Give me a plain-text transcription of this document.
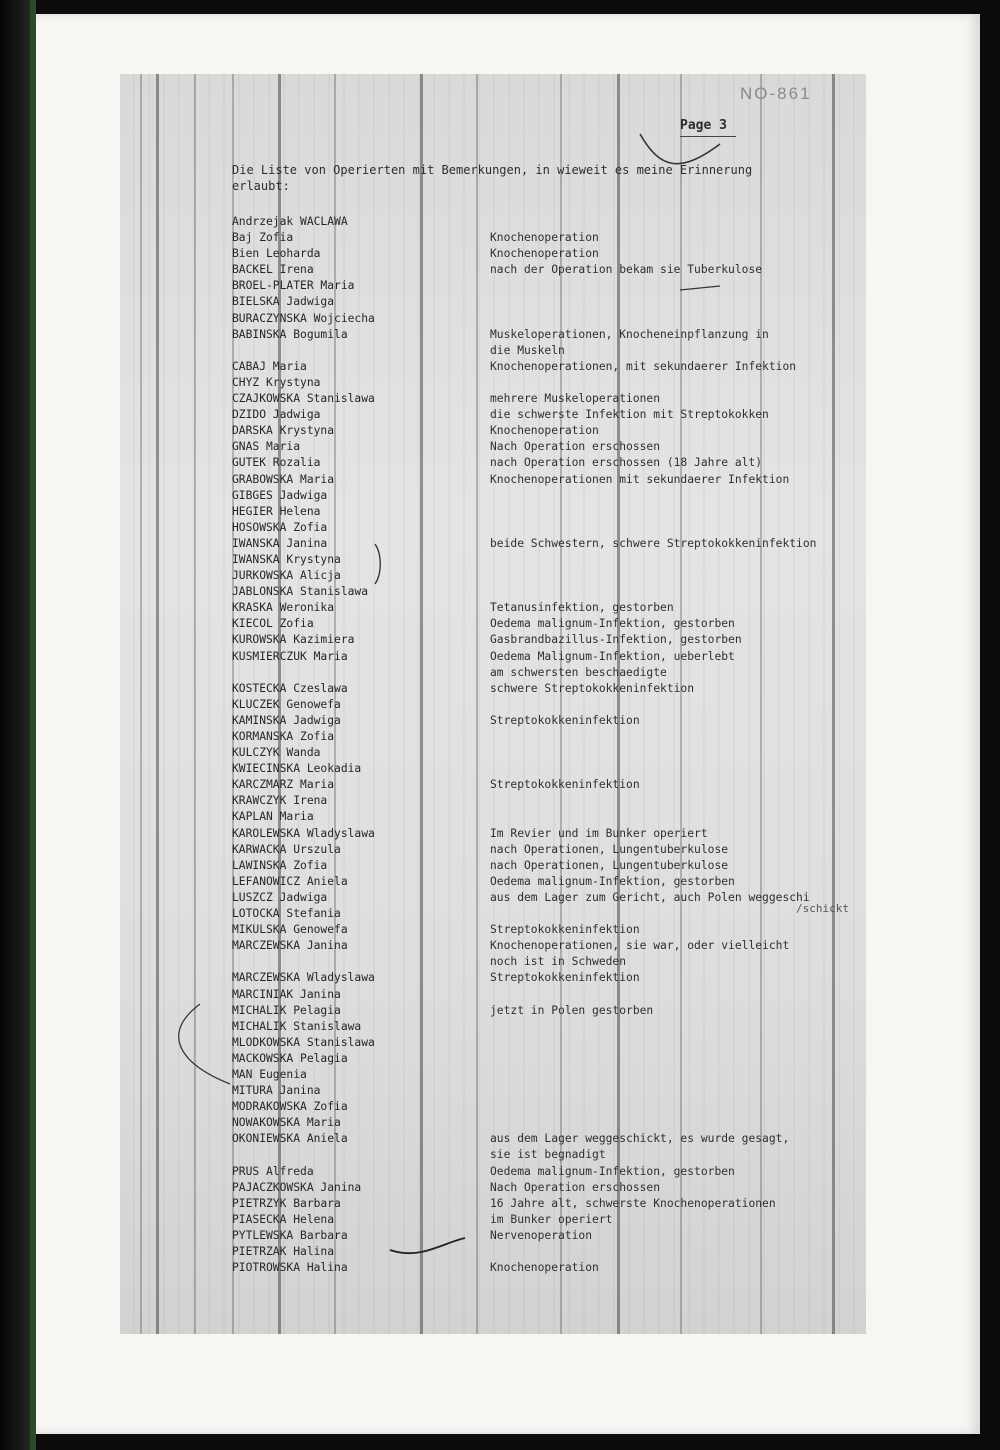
NO-861
Page 3
Die Liste von Operierten mit Bemerkungen, in wieweit es meine Erinnerung
erlaubt:
Andrzejak WACLAWA
Baj Zofia	Knochenoperation
Bien Leoharda	Knochenoperation
BACKEL Irena	nach der Operation bekam sie Tuberkulose
BROEL-PLATER Maria
BIELSKA Jadwiga
BURACZYNSKA Wojciecha
BABINSKA Bogumila	Muskeloperationen, Knocheneinpflanzung in
die Muskeln
CABAJ Maria	Knochenoperationen, mit sekundaerer Infektion
CHYZ Krystyna
CZAJKOWSKA Stanislawa	mehrere Muskeloperationen
DZIDO Jadwiga	die schwerste Infektion mit Streptokokken
DARSKA Krystyna	Knochenoperation
GNAS Maria	Nach Operation erschossen
GUTEK Rozalia	nach Operation erschossen (18 Jahre alt)
GRABOWSKA Maria	Knochenoperationen mit sekundaerer Infektion
GIBGES Jadwiga
HEGIER Helena
HOSOWSKA Zofia
IWANSKA Janina	beide Schwestern, schwere Streptokokkeninfektion
IWANSKA Krystyna
JURKOWSKA Alicja
JABLONSKA Stanislawa
KRASKA Weronika	Tetanusinfektion, gestorben
KIECOL Zofia	Oedema malignum-Infektion, gestorben
KUROWSKA Kazimiera	Gasbrandbazillus-Infektion, gestorben
KUSMIERCZUK Maria	Oedema Malignum-Infektion, ueberlebt
am schwersten beschaedigte
KOSTECKA Czeslawa	schwere Streptokokkeninfektion
KLUCZEK Genowefa
KAMINSKA Jadwiga	Streptokokkeninfektion
KORMANSKA Zofia
KULCZYK Wanda
KWIECINSKA Leokadia
KARCZMARZ Maria	Streptokokkeninfektion
KRAWCZYK Irena
KAPLAN Maria
KAROLEWSKA Wladyslawa	Im Revier und im Bunker operiert
KARWACKA Urszula	nach Operationen, Lungentuberkulose
LAWINSKA Zofia	nach Operationen, Lungentuberkulose
LEFANOWICZ Aniela	Oedema malignum-Infektion, gestorben
LUSZCZ Jadwiga	aus dem Lager zum Gericht, auch Polen weggeschi
LOTOCKA Stefania
MIKULSKA Genowefa	Streptokokkeninfektion
MARCZEWSKA Janina	Knochenoperationen, sie war, oder vielleicht
noch ist in Schweden
MARCZEWSKA Wladyslawa	Streptokokkeninfektion
MARCINIAK Janina
MICHALIK Pelagia	jetzt in Polen gestorben
MICHALIK Stanislawa
MLODKOWSKA Stanislawa
MACKOWSKA Pelagia
MAN Eugenia
MITURA Janina
MODRAKOWSKA Zofia
NOWAKOWSKA Maria
OKONIEWSKA Aniela	aus dem Lager weggeschickt, es wurde gesagt,
sie ist begnadigt
PRUS Alfreda	Oedema malignum-Infektion, gestorben
PAJACZKOWSKA Janina	Nach Operation erschossen
PIETRZYK Barbara	16 Jahre alt, schwerste Knochenoperationen
PIASECKA Helena	im Bunker operiert
PYTLEWSKA Barbara	Nervenoperation
PIETRZAK Halina
PIOTROWSKA Halina	Knochenoperation
/schickt
